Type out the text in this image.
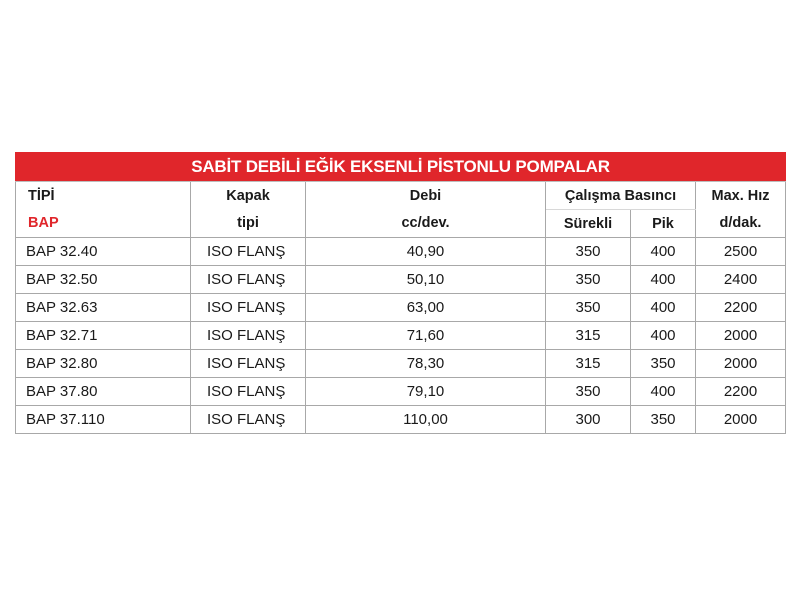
SABİT DEBİLİ EĞİK EKSENLİ PİSTONLU POMPALAR					
TİPİ	Kapak	Debi	Çalışma Basıncı		Max. Hız
BAP	tipi	cc/dev.	Sürekli	Pik	d/dak.
BAP 32.40	ISO FLANŞ	40,90	350	400	2500
BAP 32.50	ISO FLANŞ	50,10	350	400	2400
BAP 32.63	ISO FLANŞ	63,00	350	400	2200
BAP 32.71	ISO FLANŞ	71,60	315	400	2000
BAP 32.80	ISO FLANŞ	78,30	315	350	2000
BAP 37.80	ISO FLANŞ	79,10	350	400	2200
BAP 37.110	ISO FLANŞ	110,00	300	350	2000
